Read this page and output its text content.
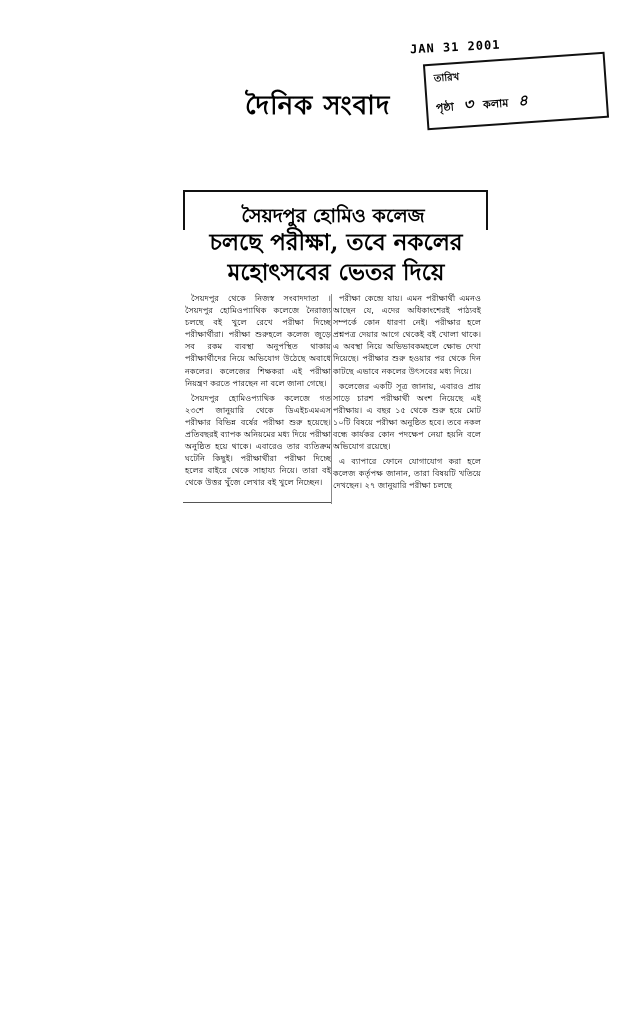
JAN 31 2001
তারিখ
পৃষ্ঠা ৩ কলাম ৪
দৈনিক সংবাদ
সৈয়দপুর হোমিও কলেজ
চলছে পরীক্ষা, তবে নকলের
মহোৎসবের ভেতর দিয়ে

সৈয়দপুর থেকে নিজস্ব সংবাদদাতা । সৈয়দপুর হোমিওপ্যাথিক কলেজে নৈরাজ্য চলছে বই খুলে রেখে পরীক্ষা দিচ্ছে পরীক্ষার্থীরা। পরীক্ষা শুরুহলে কলেজ জুড়ে সব রকম ব্যবস্থা অনুপস্থিত থাকায় পরীক্ষার্থীদের নিয়ে অভিযোগ উঠেছে অবাধে নকলের। কলেজের শিক্ষকরা এই পরীক্ষা নিয়ন্ত্রণ করতে পারছেন না বলে জানা গেছে।

সৈয়দপুর হোমিওপ্যাথিক কলেজে গত ২৩শে জানুয়ারি থেকে ডিএইচএমএস পরীক্ষার বিভিন্ন বর্ষের পরীক্ষা শুরু হয়েছে। প্রতিবছরই ব্যাপক অনিয়মের মধ্য দিয়ে পরীক্ষা অনুষ্ঠিত হয়ে থাকে। এবারেও তার ব্যতিক্রম ঘটেনি কিছুই। পরীক্ষার্থীরা পরীক্ষা দিচ্ছে হলের বাইরে থেকে সাহায্য নিয়ে। তারা বই থেকে উত্তর খুঁজে লেখার বই খুলে নিচ্ছেন।

পরীক্ষা কেন্দ্রে যায়। এমন পরীক্ষার্থী এমনও আছেন যে, এদের অধিকাংশেরই পাঠ্যবই সম্পর্কে কোন ধারণা নেই। পরীক্ষার হলে প্রশ্নপত্র দেয়ার আগে থেকেই বই খোলা থাকে। এ অবস্থা নিয়ে অভিভাবকমহলে ক্ষোভ দেখা দিয়েছে। পরীক্ষার শুরু হওয়ার পর থেকে দিন কাটছে এভাবে নকলের উৎসবের মধ্য দিয়ে।

কলেজের একটি সূত্র জানায়, এবারও প্রায় সাড়ে চারশ পরীক্ষার্থী অংশ নিয়েছে এই পরীক্ষায়। এ বছর ১৫ থেকে শুরু হয়ে মোট ১০টি বিষয়ে পরীক্ষা অনুষ্ঠিত হবে। তবে নকল বন্ধে কার্যকর কোন পদক্ষেপ নেয়া হয়নি বলে অভিযোগ রয়েছে।

এ ব্যাপারে ফোনে যোগাযোগ করা হলে কলেজ কর্তৃপক্ষ জানান, তারা বিষয়টি খতিয়ে দেখছেন। ২৭ জানুয়ারি পরীক্ষা চলছে
